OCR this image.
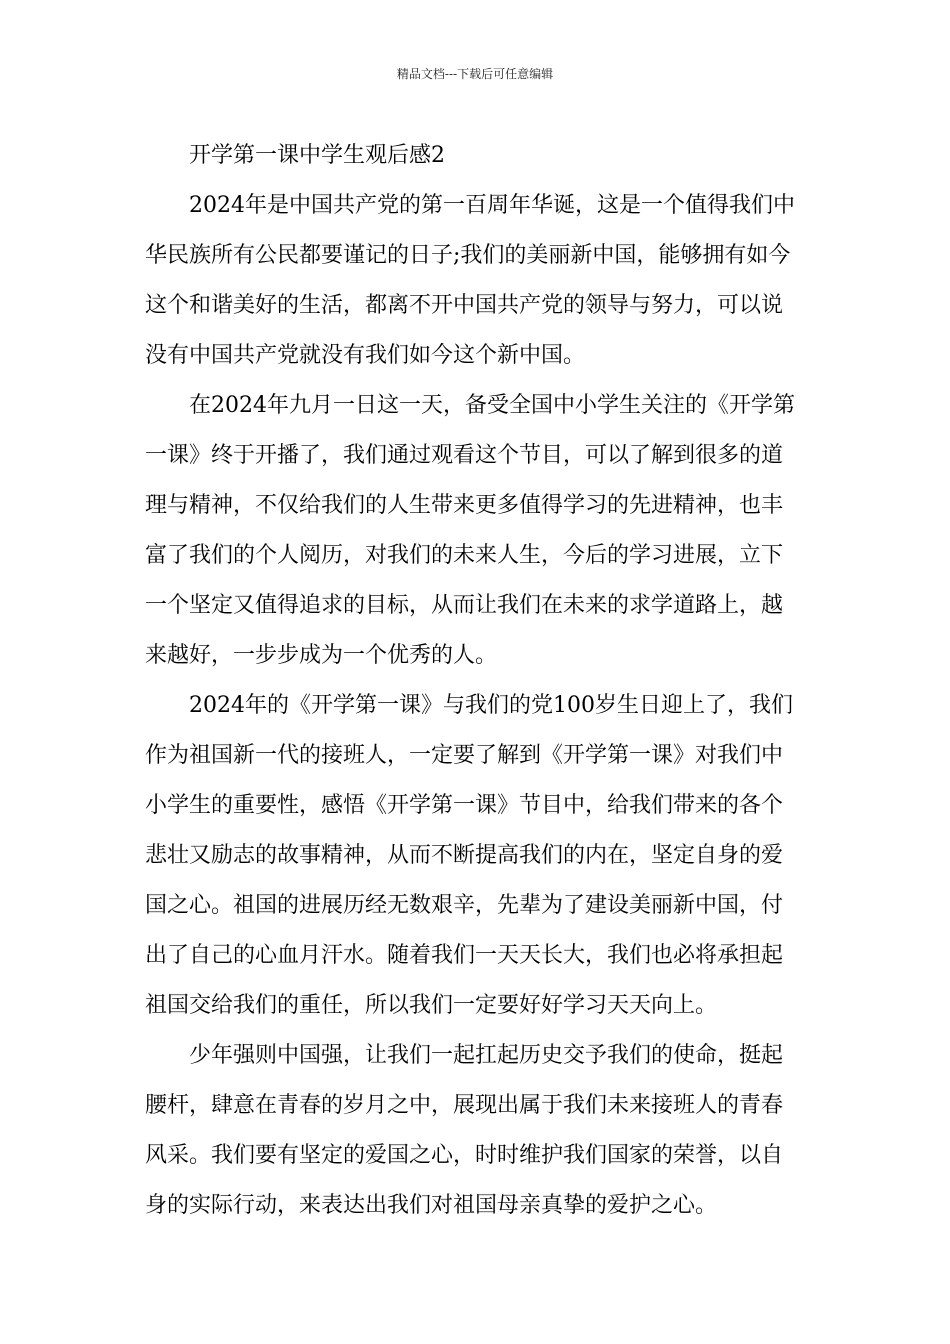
精品文档---下载后可任意编辑
开学第一课中学生观后感2
2024年是中国共产党的第一百周年华诞，这是一个值得我们中
华民族所有公民都要谨记的日子;我们的美丽新中国，能够拥有如今
这个和谐美好的生活，都离不开中国共产党的领导与努力，可以说
没有中国共产党就没有我们如今这个新中国。
在2024年九月一日这一天，备受全国中小学生关注的《开学第
一课》终于开播了，我们通过观看这个节目，可以了解到很多的道
理与精神，不仅给我们的人生带来更多值得学习的先进精神，也丰
富了我们的个人阅历，对我们的未来人生，今后的学习进展，立下
一个坚定又值得追求的目标，从而让我们在未来的求学道路上，越
来越好，一步步成为一个优秀的人。
2024年的《开学第一课》与我们的党100岁生日迎上了，我们
作为祖国新一代的接班人，一定要了解到《开学第一课》对我们中
小学生的重要性，感悟《开学第一课》节目中，给我们带来的各个
悲壮又励志的故事精神，从而不断提高我们的内在，坚定自身的爱
国之心。祖国的进展历经无数艰辛，先辈为了建设美丽新中国，付
出了自己的心血月汗水。随着我们一天天长大，我们也必将承担起
祖国交给我们的重任，所以我们一定要好好学习天天向上。
少年强则中国强，让我们一起扛起历史交予我们的使命，挺起
腰杆，肆意在青春的岁月之中，展现出属于我们未来接班人的青春
风采。我们要有坚定的爱国之心，时时维护我们国家的荣誉，以自
身的实际行动，来表达出我们对祖国母亲真挚的爱护之心。
